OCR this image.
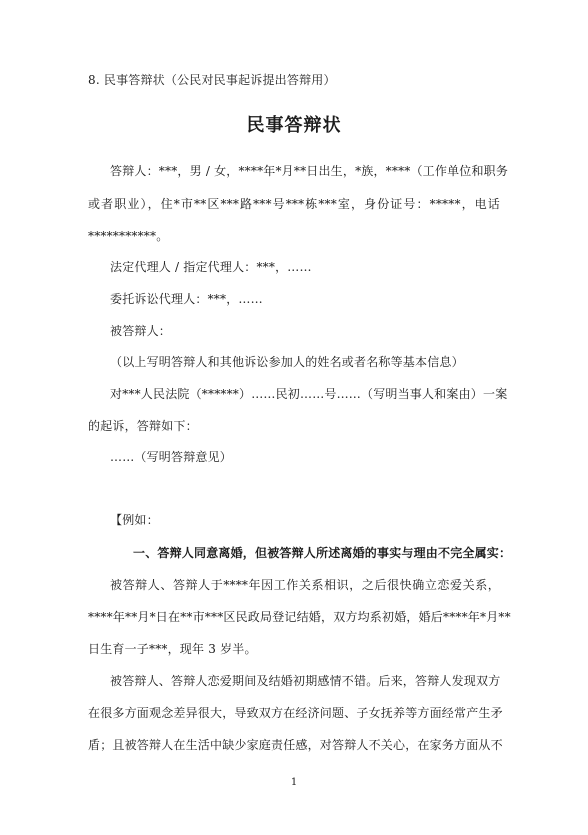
8. 民事答辩状（公民对民事起诉提出答辩用）
民事答辩状
答辩人：***，男 / 女，****年*月**日出生，*族，****（工作单位和职务
或者职业），住*市**区***路***号***栋***室，身份证号：*****，电话
***********。
法定代理人 / 指定代理人：***，……
委托诉讼代理人：***，……
被答辩人：
（以上写明答辩人和其他诉讼参加人的姓名或者名称等基本信息）
对***人民法院（******）……民初……号……（写明当事人和案由）一案
的起诉，答辩如下：
……（写明答辩意见）
【例如：
一、答辩人同意离婚，但被答辩人所述离婚的事实与理由不完全属实：
被答辩人、答辩人于****年因工作关系相识，之后很快确立恋爱关系，
****年**月*日在**市***区民政局登记结婚，双方均系初婚，婚后****年*月**
日生育一子***，现年 3 岁半。
被答辩人、答辩人恋爱期间及结婚初期感情不错。后来，答辩人发现双方
在很多方面观念差异很大，导致双方在经济问题、子女抚养等方面经常产生矛
盾；且被答辩人在生活中缺少家庭责任感，对答辩人不关心，在家务方面从不
1
